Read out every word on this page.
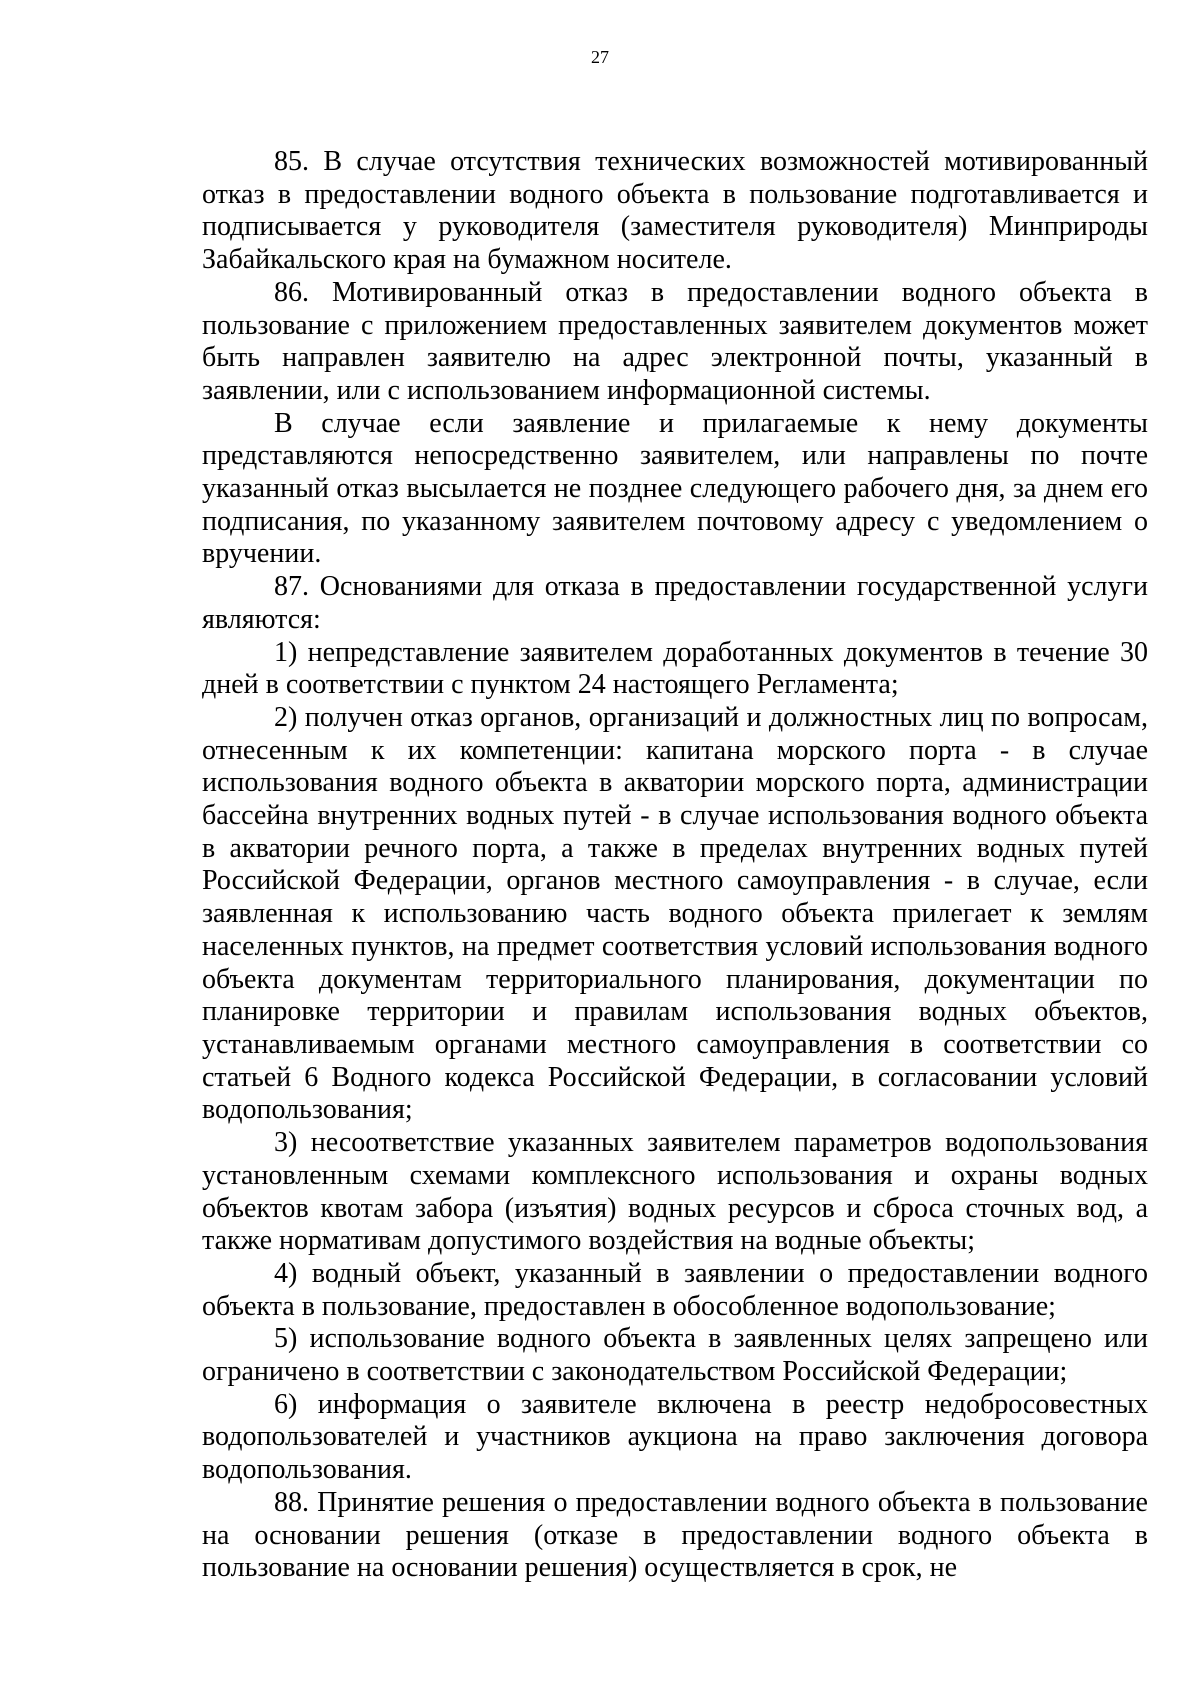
27

85. В случае отсутствия технических возможностей мотивированный отказ в предоставлении водного объекта в пользование подготавливается и подписывается у руководителя (заместителя руководителя) Минприроды Забайкальского края на бумажном носителе.

86. Мотивированный отказ в предоставлении водного объекта в пользование с приложением предоставленных заявителем документов может быть направлен заявителю на адрес электронной почты, указанный в заявлении, или с использованием информационной системы.

В случае если заявление и прилагаемые к нему документы представляются непосредственно заявителем, или направлены по почте указанный отказ высылается не позднее следующего рабочего дня, за днем его подписания, по указанному заявителем почтовому адресу с уведомлением о вручении.

87. Основаниями для отказа в предоставлении государственной услуги являются:

1) непредставление заявителем доработанных документов в течение 30 дней в соответствии с пунктом 24 настоящего Регламента;

2) получен отказ органов, организаций и должностных лиц по вопросам, отнесенным к их компетенции: капитана морского порта - в случае использования водного объекта в акватории морского порта, администрации бассейна внутренних водных путей - в случае использования водного объекта в акватории речного порта, а также в пределах внутренних водных путей Российской Федерации, органов местного самоуправления - в случае, если заявленная к использованию часть водного объекта прилегает к землям населенных пунктов, на предмет соответствия условий использования водного объекта документам территориального планирования, документации по планировке территории и правилам использования водных объектов, устанавливаемым органами местного самоуправления в соответствии со статьей 6 Водного кодекса Российской Федерации, в согласовании условий водопользования;

3) несоответствие указанных заявителем параметров водопользования установленным схемами комплексного использования и охраны водных объектов квотам забора (изъятия) водных ресурсов и сброса сточных вод, а также нормативам допустимого воздействия на водные объекты;

4) водный объект, указанный в заявлении о предоставлении водного объекта в пользование, предоставлен в обособленное водопользование;

5) использование водного объекта в заявленных целях запрещено или ограничено в соответствии с законодательством Российской Федерации;

6) информация о заявителе включена в реестр недобросовестных водопользователей и участников аукциона на право заключения договора водопользования.

88. Принятие решения о предоставлении водного объекта в пользование на основании решения (отказе в предоставлении водного объекта в пользование на основании решения) осуществляется в срок, не
